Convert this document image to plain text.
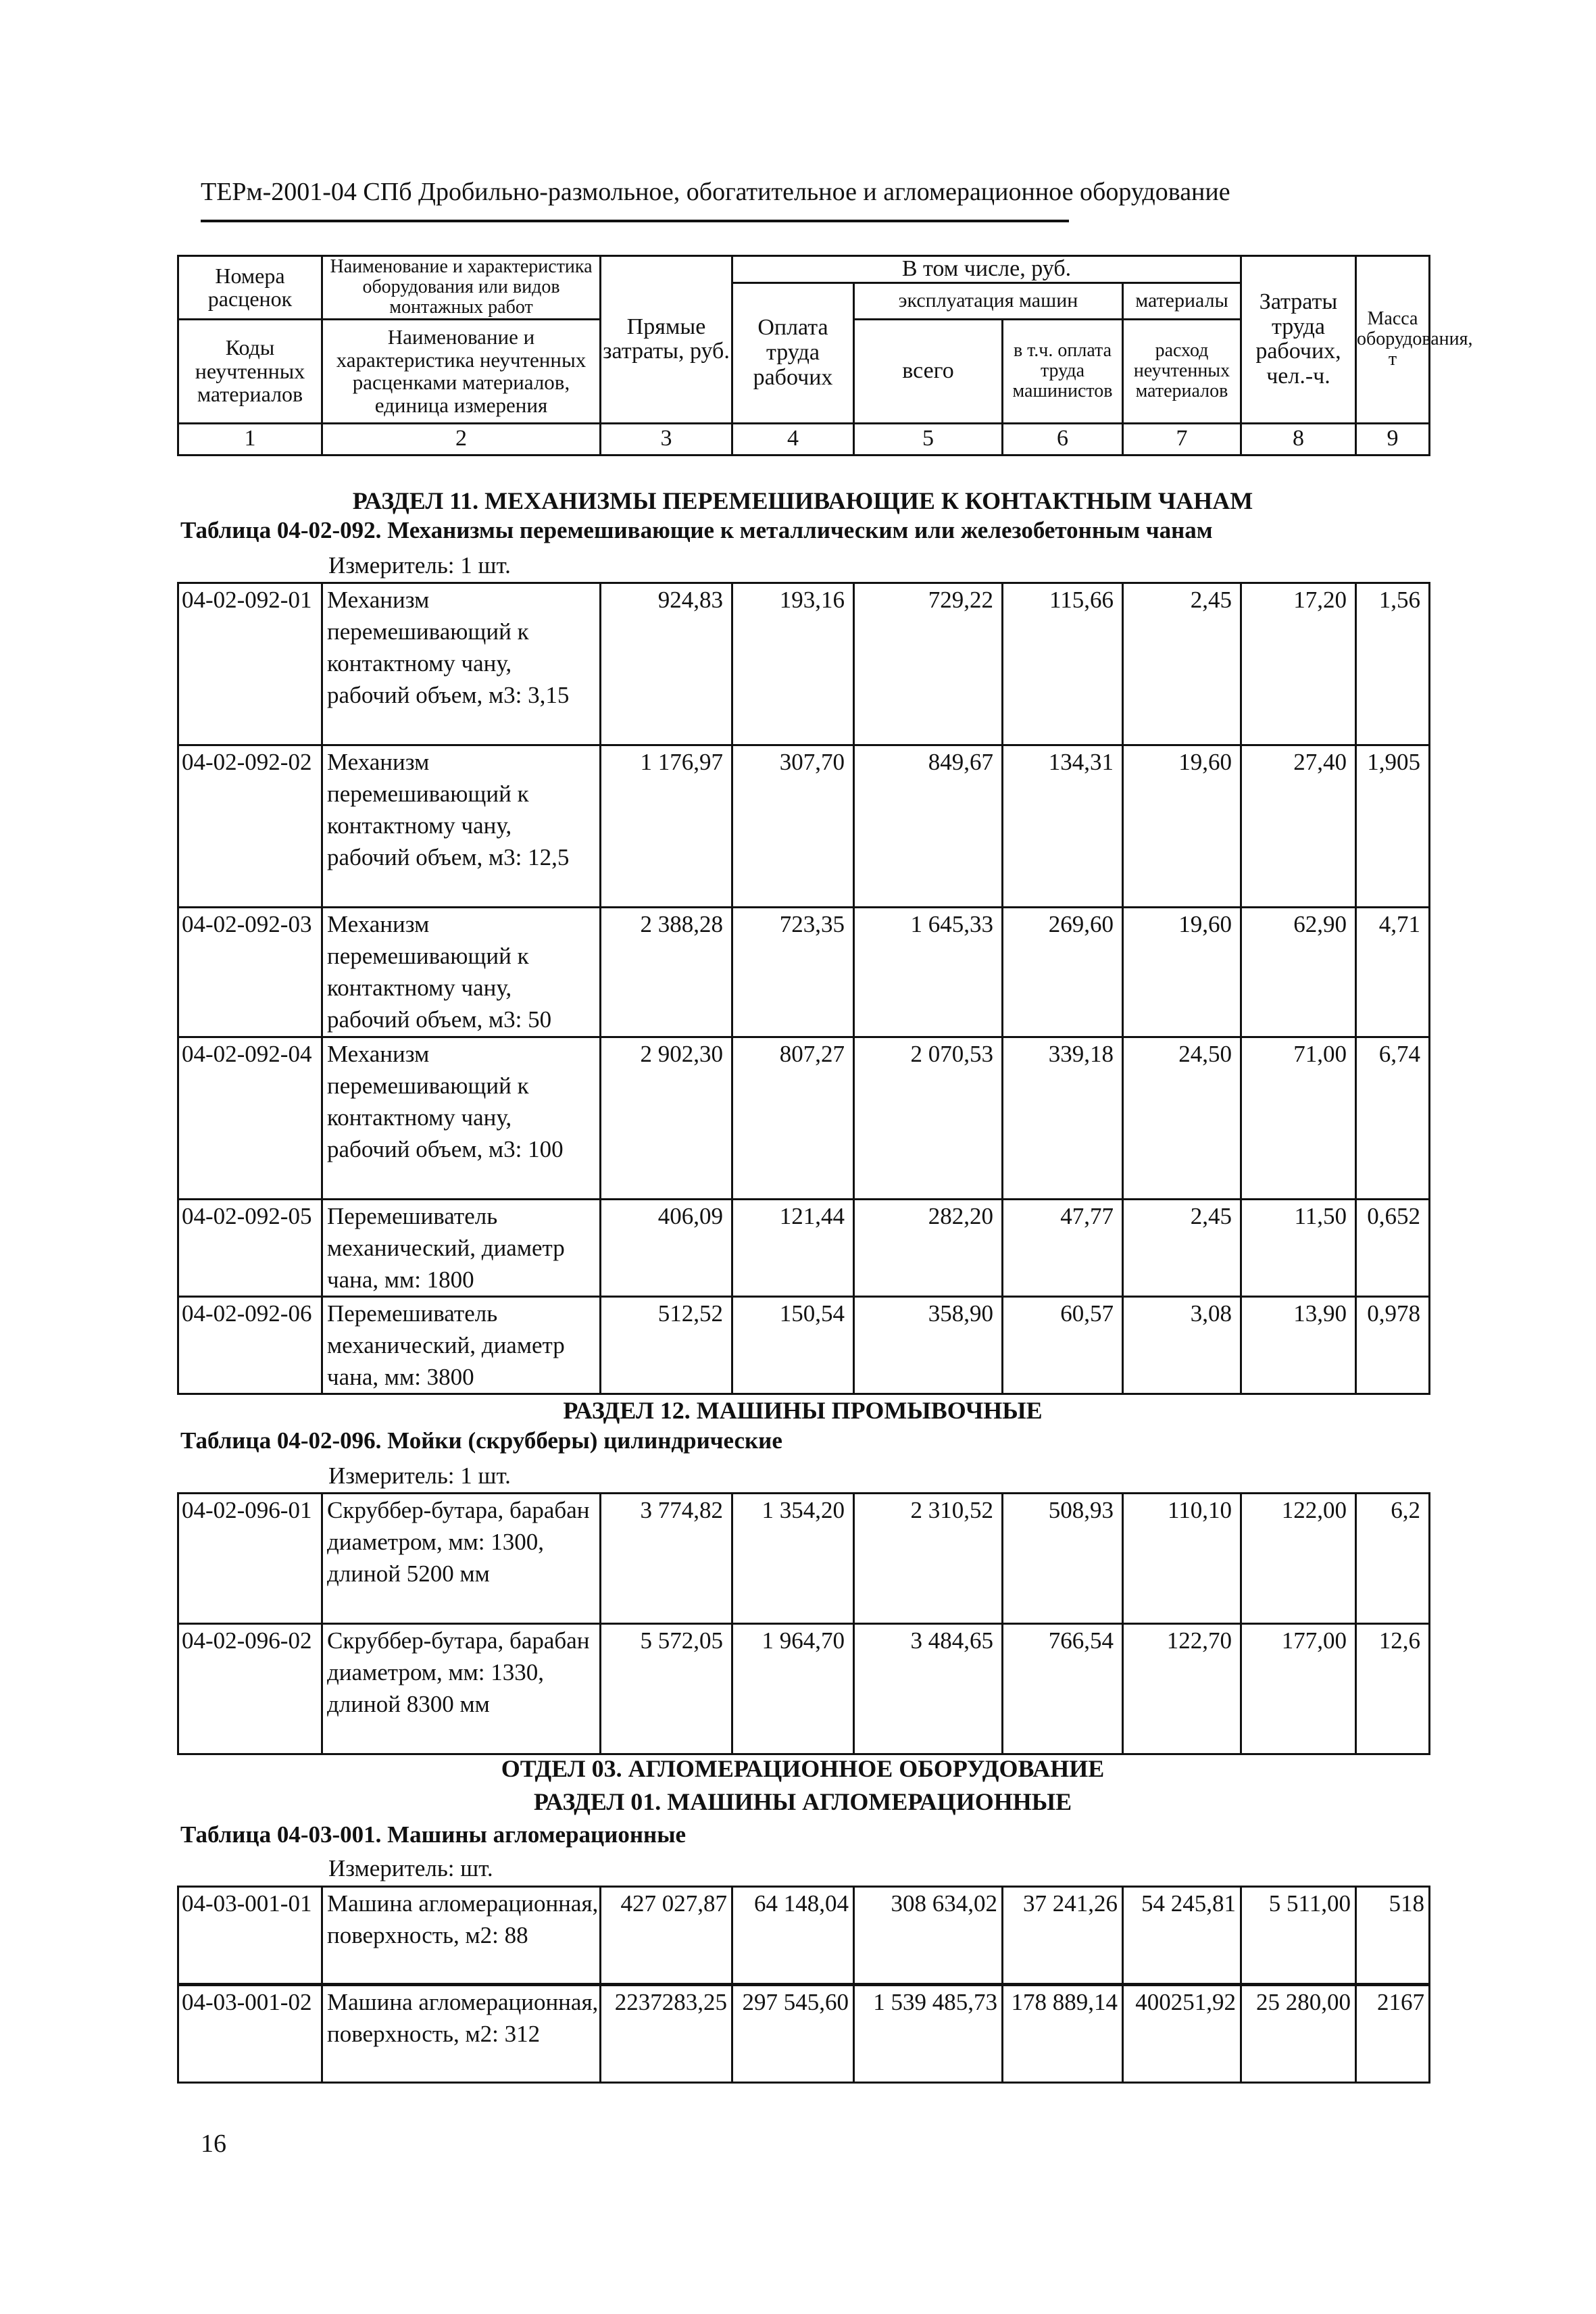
ТЕРм-2001-04 СПб Дробильно-размольное, обогатительное и агломерационное оборудование
Номера расценок	Наименование и характеристика оборудования или видов монтажных работ	Прямые затраты, руб.	В том числе, руб.				Затраты труда рабочих, чел.-ч.	Масса оборудования, т
			Оплата труда рабочих	эксплуатация машин		материалы		
Коды неучтенных материалов	Наименование и характеристика неучтенных расценками материалов, единица измерения			всего	в т.ч. оплата труда машинистов	расход неучтенных материалов		

1	2	3	4	5	6	7	8	9
РАЗДЕЛ 11. МЕХАНИЗМЫ ПЕРЕМЕШИВАЮЩИЕ К КОНТАКТНЫМ ЧАНАМ
Таблица 04-02-092. Механизмы перемешивающие к металлическим или железобетонным чанам
Измеритель: 1 шт.
04-02-092-01	Механизм перемешивающий к контактному чану, рабочий объем, м3: 3,15	924,83	193,16	729,22	115,66	2,45	17,20	1,56
04-02-092-02	Механизм перемешивающий к контактному чану, рабочий объем, м3: 12,5	1 176,97	307,70	849,67	134,31	19,60	27,40	1,905
04-02-092-03	Механизм перемешивающий к контактному чану, рабочий объем, м3: 50	2 388,28	723,35	1 645,33	269,60	19,60	62,90	4,71
04-02-092-04	Механизм перемешивающий к контактному чану, рабочий объем, м3: 100	2 902,30	807,27	2 070,53	339,18	24,50	71,00	6,74
04-02-092-05	Перемешиватель механический, диаметр чана, мм: 1800	406,09	121,44	282,20	47,77	2,45	11,50	0,652
04-02-092-06	Перемешиватель механический, диаметр чана, мм: 3800	512,52	150,54	358,90	60,57	3,08	13,90	0,978
РАЗДЕЛ 12. МАШИНЫ ПРОМЫВОЧНЫЕ
Таблица 04-02-096. Мойки (скрубберы) цилиндрические
Измеритель: 1 шт.
04-02-096-01	Скруббер-бутара, барабан диаметром, мм: 1300, длиной 5200 мм	3 774,82	1 354,20	2 310,52	508,93	110,10	122,00	6,2
04-02-096-02	Скруббер-бутара, барабан диаметром, мм: 1330, длиной 8300 мм	5 572,05	1 964,70	3 484,65	766,54	122,70	177,00	12,6
ОТДЕЛ 03. АГЛОМЕРАЦИОННОЕ ОБОРУДОВАНИЕ
РАЗДЕЛ 01. МАШИНЫ АГЛОМЕРАЦИОННЫЕ
Таблица 04-03-001. Машины агломерационные
Измеритель: шт.
04-03-001-01	Машина агломерационная, поверхность, м2: 88	427 027,87	64 148,04	308 634,02	37 241,26	54 245,81	5 511,00	518
04-03-001-02	Машина агломерационная, поверхность, м2: 312	2237283,25	297 545,60	1 539 485,73	178 889,14	400251,92	25 280,00	2167
16
